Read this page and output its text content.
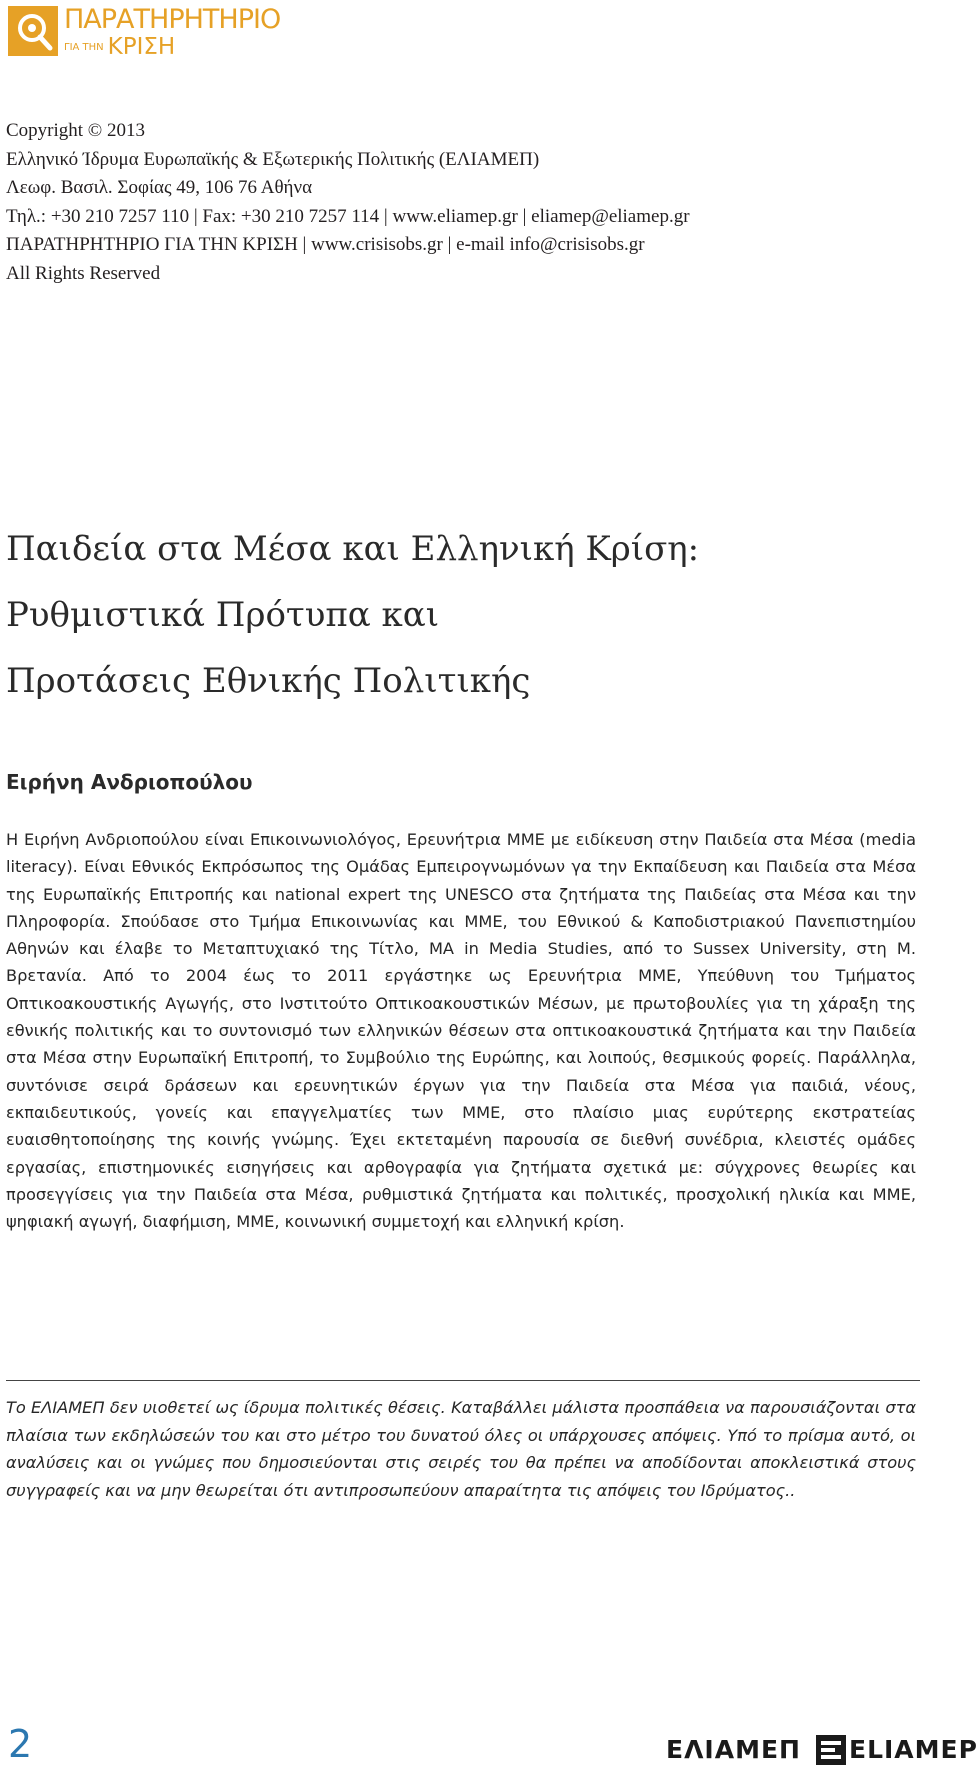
ΠΑΡΑΤΗΡΗΤΗΡΙΟ
ΓΙΑ ΤΗΝ ΚΡΙΣΗ
Copyright © 2013
Ελληνικό Ίδρυμα Ευρωπαϊκής & Εξωτερικής Πολιτικής (ΕΛΙΑΜΕΠ)
Λεωφ. Βασιλ. Σοφίας 49, 106 76 Αθήνα
Τηλ.: +30 210 7257 110 | Fax: +30 210 7257 114 | www.eliamep.gr | eliamep@eliamep.gr
ΠΑΡΑΤΗΡΗΤΗΡΙΟ ΓΙΑ ΤΗΝ ΚΡΙΣΗ | www.crisisobs.gr | e-mail info@crisisobs.gr
All Rights Reserved
Παιδεία στα Μέσα και Ελληνική Κρίση:
Ρυθμιστικά Πρότυπα και
Προτάσεις Εθνικής Πολιτικής
Ειρήνη Ανδριοπούλου
Η Ειρήνη Ανδριοπούλου είναι Επικοινωνιολόγος, Ερευνήτρια ΜΜΕ με ειδίκευση στην Παιδεία στα Μέσα (media literacy). Είναι Εθνικός Εκπρόσωπος της Ομάδας Εμπειρογνωμόνων γα την Εκπαίδευση και Παιδεία στα Μέσα της Ευρωπαϊκής Επιτροπής και national expert της UNESCO στα ζητήματα της Παιδείας στα Μέσα και την Πληροφορία. Σπούδασε στο Τμήμα Επικοινωνίας και ΜΜΕ, του Εθνικού & Καποδιστριακού Πανεπιστημίου Αθηνών και έλαβε το Μεταπτυχιακό της Τίτλο, MA in Media Studies, από το Sussex University, στη Μ. Βρετανία. Από το 2004 έως το 2011 εργάστηκε ως Ερευνήτρια ΜΜΕ, Υπεύθυνη του Τμήματος Οπτικοακουστικής Αγωγής, στο Ινστιτούτο Οπτικοακουστικών Μέσων, με πρωτοβουλίες για τη χάραξη της εθνικής πολιτικής και το συντονισμό των ελληνικών θέσεων στα οπτικοακουστικά ζητήματα και την Παιδεία στα Μέσα στην Ευρωπαϊκή Επιτροπή, το Συμβούλιο της Ευρώπης, και λοιπούς, θεσμικούς φορείς. Παράλληλα, συντόνισε σειρά δράσεων και ερευνητικών έργων για την Παιδεία στα Μέσα για παιδιά, νέους, εκπαιδευτικούς, γονείς και επαγγελματίες των ΜΜΕ, στο πλαίσιο μιας ευρύτερης εκστρατείας ευαισθητοποίησης της κοινής γνώμης. Έχει εκτεταμένη παρουσία σε διεθνή συνέδρια, κλειστές ομάδες εργασίας, επιστημονικές εισηγήσεις και αρθογραφία για ζητήματα σχετικά με: σύγχρονες θεωρίες και προσεγγίσεις για την Παιδεία στα Μέσα, ρυθμιστικά ζητήματα και πολιτικές, προσχολική ηλικία και ΜΜΕ, ψηφιακή αγωγή, διαφήμιση, ΜΜΕ, κοινωνική συμμετοχή και ελληνική κρίση.
Το ΕΛΙΑΜΕΠ δεν υιοθετεί ως ίδρυμα πολιτικές θέσεις. Καταβάλλει μάλιστα προσπάθεια να παρουσιάζονται στα πλαίσια των εκδηλώσεών του και στο μέτρο του δυνατού όλες οι υπάρχουσες απόψεις. Υπό το πρίσμα αυτό, οι αναλύσεις και οι γνώμες που δημοσιεύονται στις σειρές του θα πρέπει να αποδίδονται αποκλειστικά στους συγγραφείς και να μην θεωρείται ότι αντιπροσωπεύουν απαραίτητα τις απόψεις του Ιδρύματος..
2	ΕΛΙΑΜΕΠ ELIAMEP
